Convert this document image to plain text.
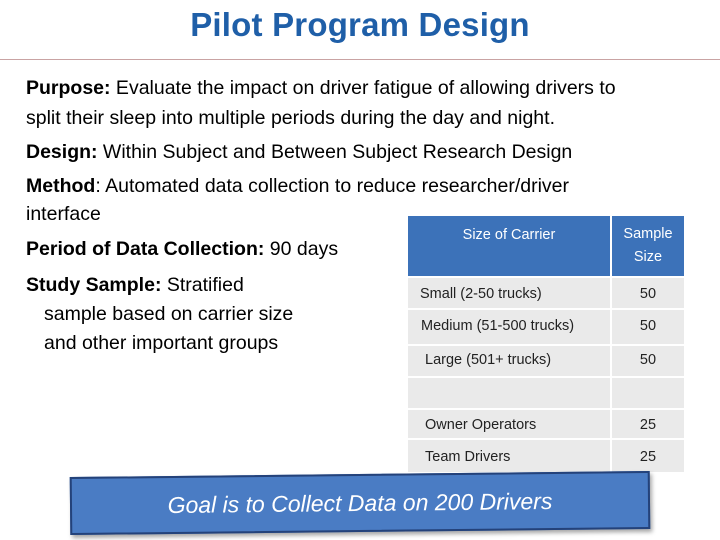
Pilot Program Design
Purpose: Evaluate the impact on driver fatigue of allowing drivers to
split their sleep into multiple periods during the day and night.
Design: Within Subject and Between Subject Research Design
Method: Automated data collection to reduce researcher/driver
interface
Period of Data Collection: 90 days
Study Sample: Stratified
sample based on carrier size
and other important groups
Size of Carrier	Sample
Size
Small (2-50 trucks)	50
Medium (51-500 trucks)	50
Large (501+ trucks)	50
Owner Operators	25
Team Drivers	25
Goal is to Collect Data on 200 Drivers
